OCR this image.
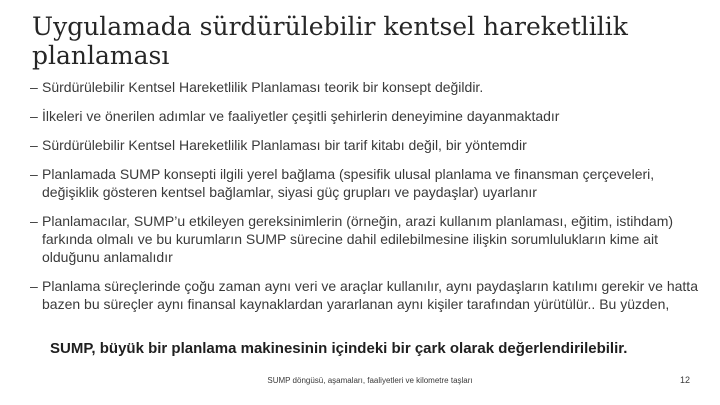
Uygulamada sürdürülebilir kentsel hareketlilik planlaması
– Sürdürülebilir Kentsel Hareketlilik Planlaması teorik bir konsept değildir.
– İlkeleri ve önerilen adımlar ve faaliyetler çeşitli şehirlerin deneyimine dayanmaktadır
– Sürdürülebilir Kentsel Hareketlilik Planlaması bir tarif kitabı değil, bir yöntemdir
– Planlamada SUMP konsepti ilgili yerel bağlama (spesifik ulusal planlama ve finansman çerçeveleri, değişiklik gösteren kentsel bağlamlar, siyasi güç grupları ve paydaşlar) uyarlanır
– Planlamacılar, SUMP’u etkileyen gereksinimlerin (örneğin, arazi kullanım planlaması, eğitim, istihdam) farkında olmalı ve bu kurumların SUMP sürecine dahil edilebilmesine ilişkin sorumlulukların kime ait olduğunu anlamalıdır
– Planlama süreçlerinde çoğu zaman aynı veri ve araçlar kullanılır, aynı paydaşların katılımı gerekir ve hatta bazen bu süreçler aynı finansal kaynaklardan yararlanan aynı kişiler tarafından yürütülür.. Bu yüzden,
SUMP, büyük bir planlama makinesinin içindeki bir çark olarak değerlendirilebilir.
SUMP döngüsü, aşamaları, faaliyetleri ve kilometre taşları	12
